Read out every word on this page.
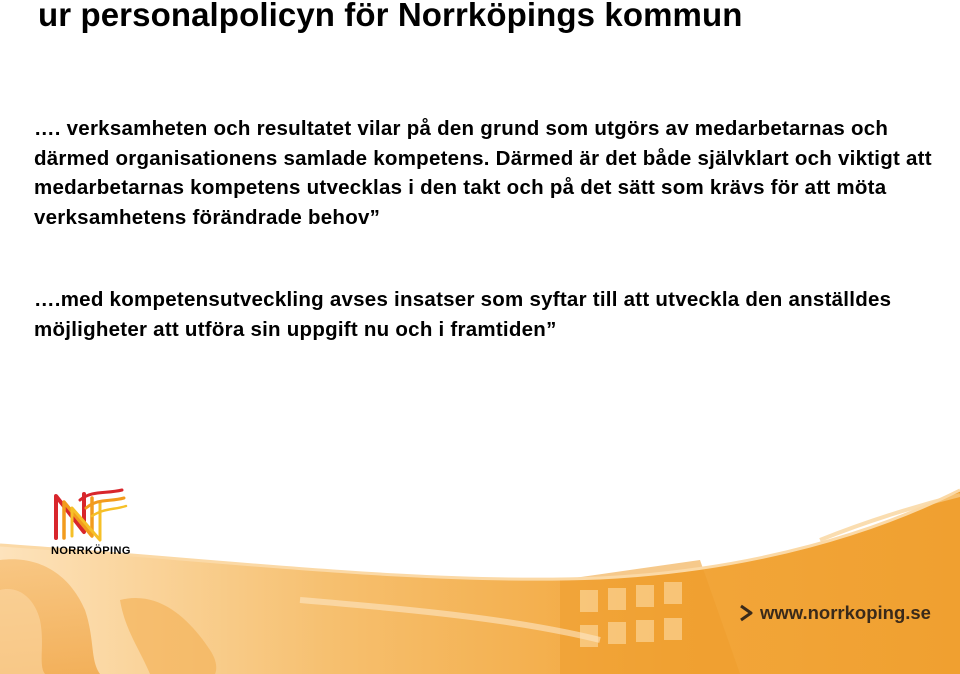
ur personalpolicyn för Norrköpings kommun

…. verksamheten och resultatet vilar på den grund som utgörs av medarbetarnas och därmed organisationens samlade kompetens. Därmed är det både självklart och viktigt att medarbetarnas kompetens utvecklas i den takt och på det sätt som krävs för att möta verksamhetens förändrade behov”

….med kompetensutveckling avses insatser som syftar till att utveckla den anställdes möjligheter att utföra sin uppgift nu och i framtiden”

NORRKÖPING

www.norrkoping.se
